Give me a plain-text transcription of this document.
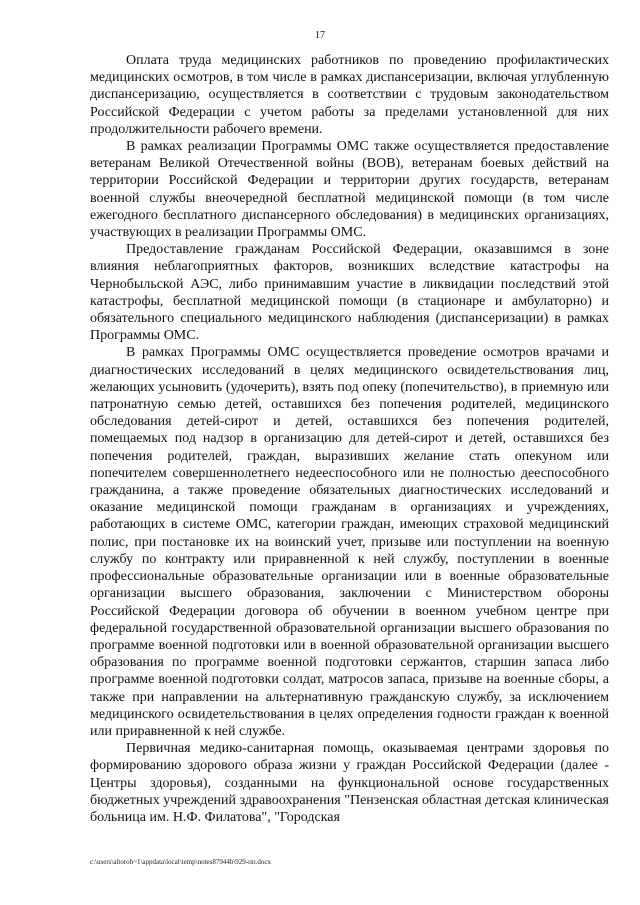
17

Оплата труда медицинских работников по проведению профилактических медицинских осмотров, в том числе в рамках диспансеризации, включая углубленную диспансеризацию, осуществляется в соответствии с трудовым законодательством Российской Федерации с учетом работы за пределами установленной для них продолжительности рабочего времени.

В рамках реализации Программы ОМС также осуществляется предоставление ветеранам Великой Отечественной войны (ВОВ), ветеранам боевых действий на территории Российской Федерации и территории других государств, ветеранам военной службы внеочередной бесплатной медицинской помощи (в том числе ежегодного бесплатного диспансерного обследования) в медицинских организациях, участвующих в реализации Программы ОМС.

Предоставление гражданам Российской Федерации, оказавшимся в зоне влияния неблагоприятных факторов, возникших вследствие катастрофы на Чернобыльской АЭС, либо принимавшим участие в ликвидации последствий этой катастрофы, бесплатной медицинской помощи (в стационаре и амбулаторно) и обязательного специального медицинского наблюдения (диспансеризации) в рамках Программы ОМС.

В рамках Программы ОМС осуществляется проведение осмотров врачами и диагностических исследований в целях медицинского освидетельствования лиц, желающих усыновить (удочерить), взять под опеку (попечительство), в приемную или патронатную семью детей, оставшихся без попечения родителей, медицинского обследования детей-сирот и детей, оставшихся без попечения родителей, помещаемых под надзор в организацию для детей-сирот и детей, оставшихся без попечения родителей, граждан, выразивших желание стать опекуном или попечителем совершеннолетнего недееспособного или не полностью дееспособного гражданина, а также проведение обязательных диагностических исследований и оказание медицинской помощи гражданам в организациях и учреждениях, работающих в системе ОМС, категории граждан, имеющих страховой медицинский полис, при постановке их на воинский учет, призыве или поступлении на военную службу по контракту или приравненной к ней службу, поступлении в военные профессиональные образовательные организации или в военные образовательные организации высшего образования, заключении с Министерством обороны Российской Федерации договора об обучении в военном учебном центре при федеральной государственной образовательной организации высшего образования по программе военной подготовки или в военной образовательной организации высшего образования по программе военной подготовки сержантов, старшин запаса либо программе военной подготовки солдат, матросов запаса, призыве на военные сборы, а также при направлении на альтернативную гражданскую службу, за исключением медицинского освидетельствования в целях определения годности граждан к военной или приравненной к ней службе.

Первичная медико-санитарная помощь, оказываемая центрами здоровья по формированию здорового образа жизни у граждан Российской Федерации (далее - Центры здоровья), созданными на функциональной основе государственных бюджетных учреждений здравоохранения "Пензенская областная детская клиническая больница им. Н.Ф. Филатова", "Городская

c:\users\altoroh~1\appdata\local\temp\notes87944b\929-пп.docx
